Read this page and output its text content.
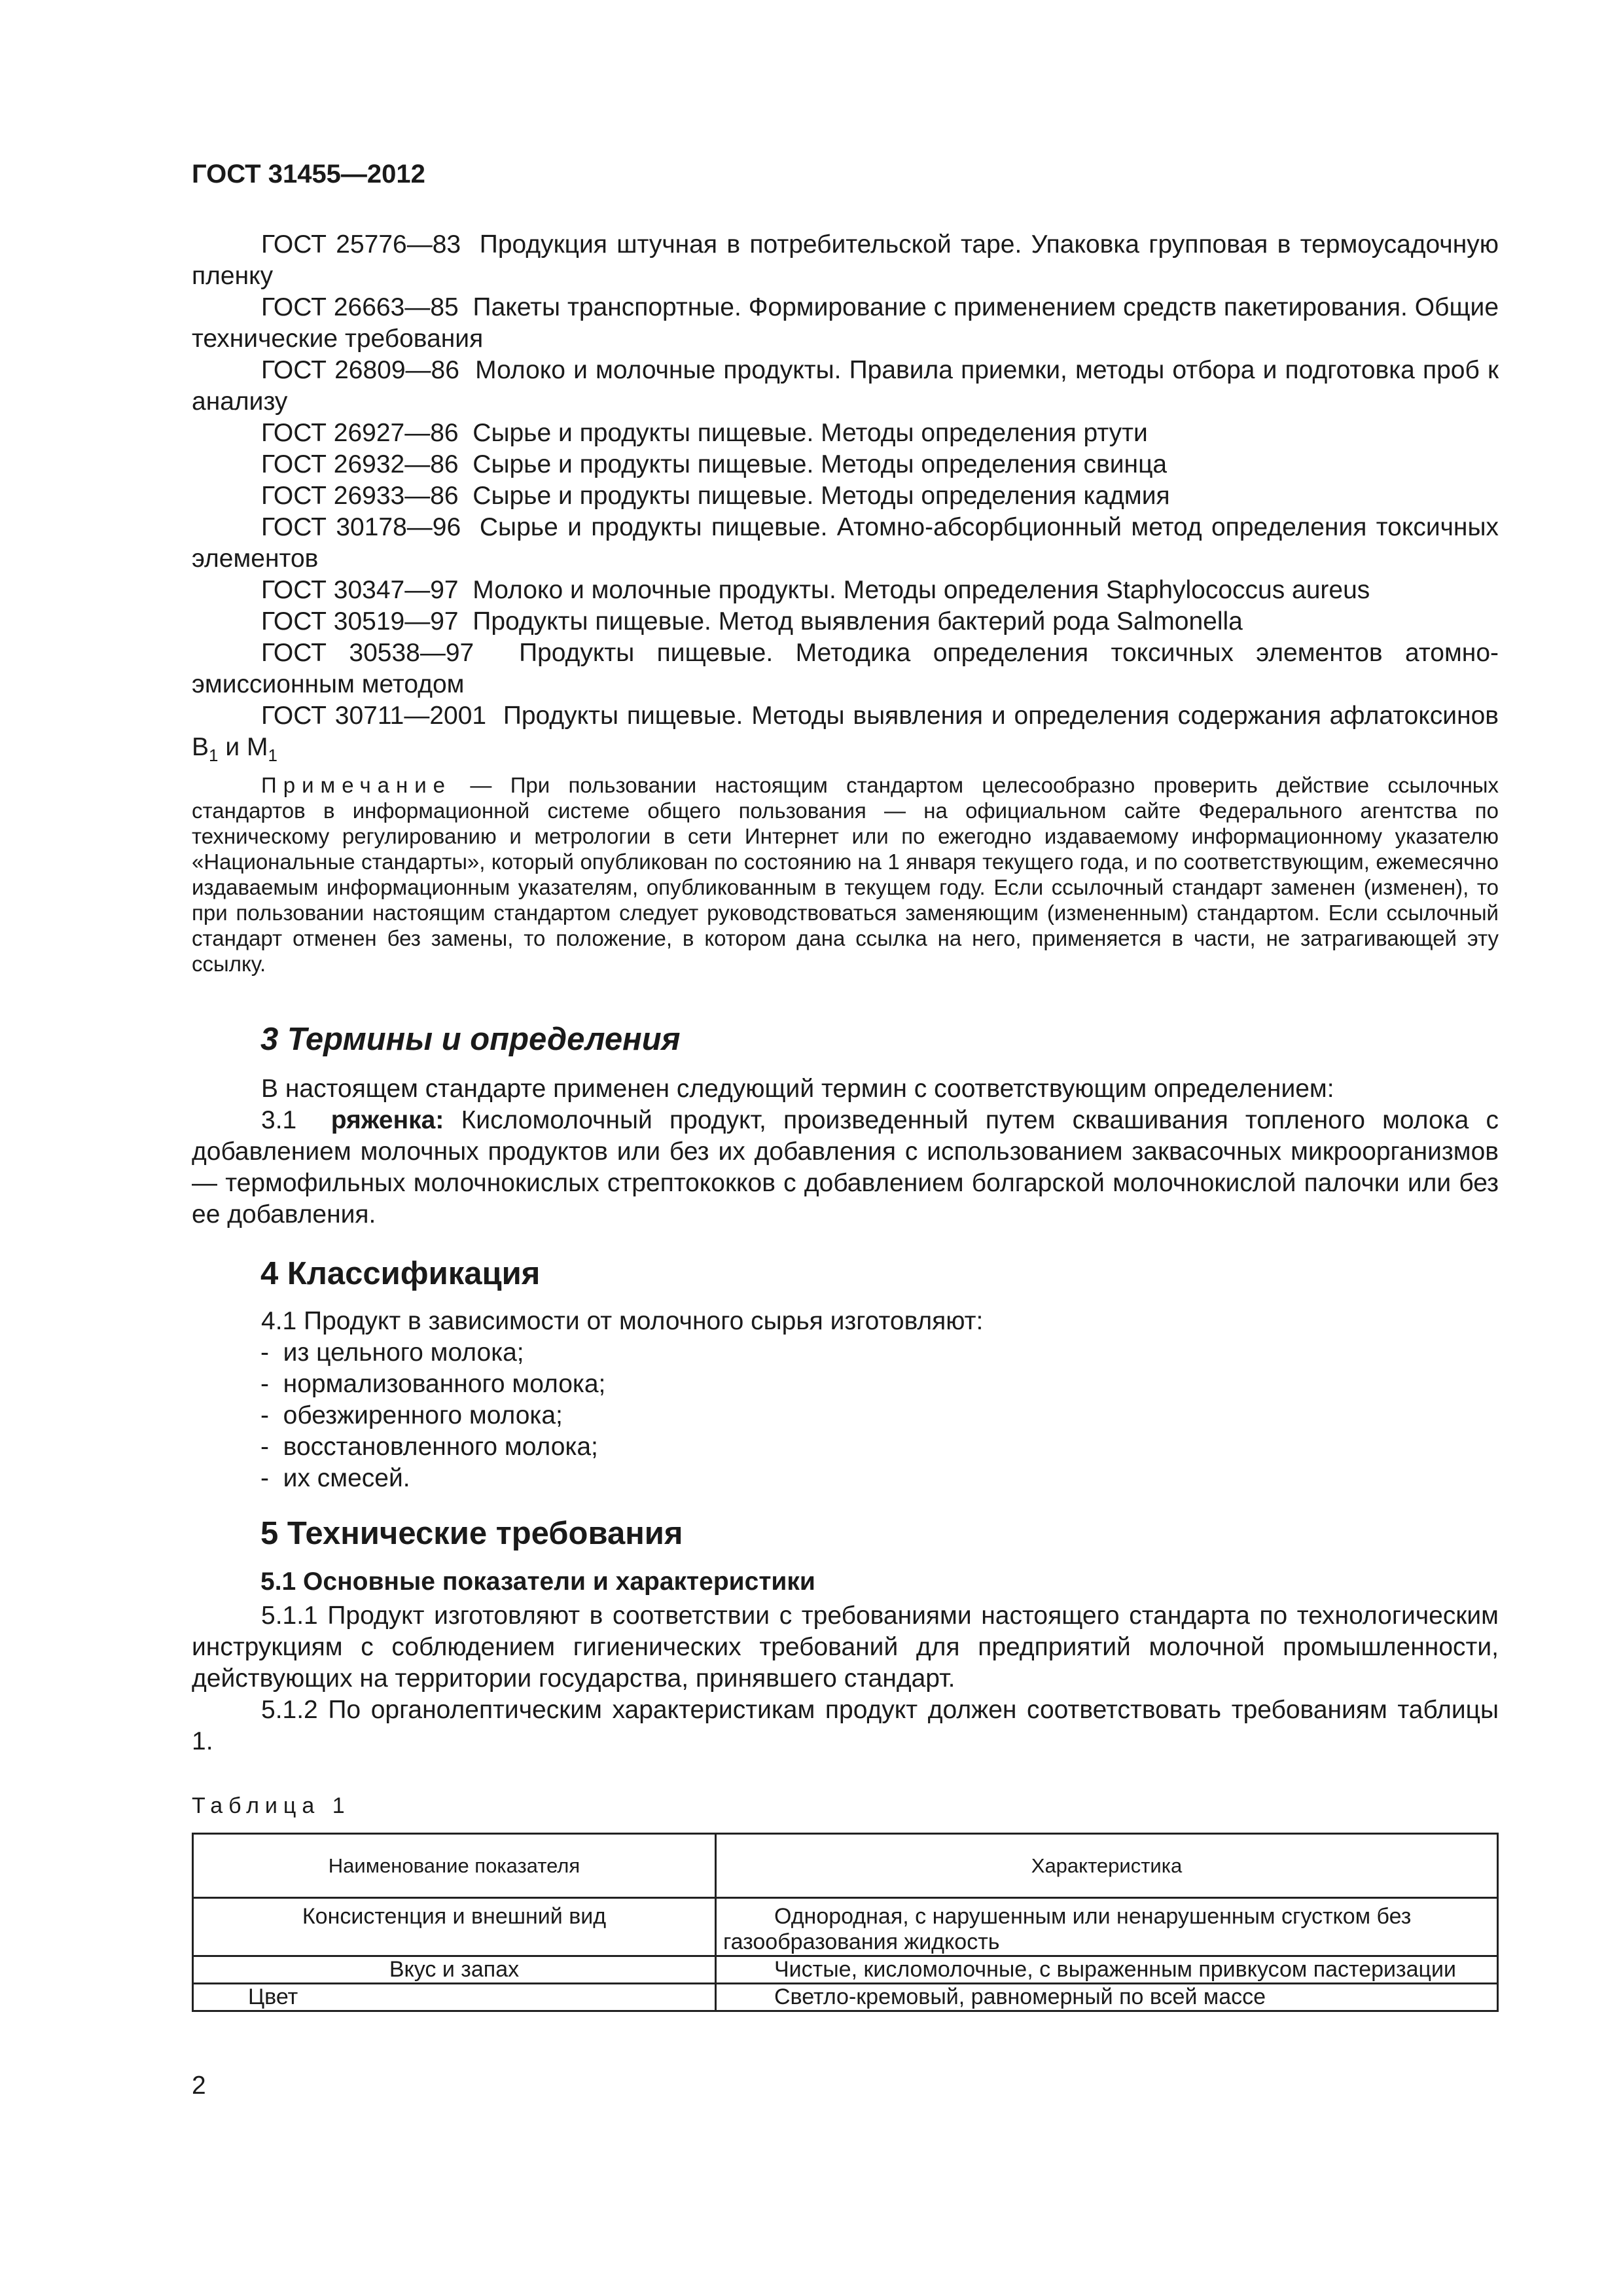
ГОСТ 31455—2012
ГОСТ 25776—83 Продукция штучная в потребительской таре. Упаковка групповая в термоусадочную пленку
ГОСТ 26663—85 Пакеты транспортные. Формирование с применением средств пакетирования. Общие технические требования
ГОСТ 26809—86 Молоко и молочные продукты. Правила приемки, методы отбора и подготовка проб к анализу
ГОСТ 26927—86 Сырье и продукты пищевые. Методы определения ртути
ГОСТ 26932—86 Сырье и продукты пищевые. Методы определения свинца
ГОСТ 26933—86 Сырье и продукты пищевые. Методы определения кадмия
ГОСТ 30178—96 Сырье и продукты пищевые. Атомно-абсорбционный метод определения токсичных элементов
ГОСТ 30347—97 Молоко и молочные продукты. Методы определения Staphylococcus aureus
ГОСТ 30519—97 Продукты пищевые. Метод выявления бактерий рода Salmonella
ГОСТ 30538—97 Продукты пищевые. Методика определения токсичных элементов атомно-эмиссионным методом
ГОСТ 30711—2001 Продукты пищевые. Методы выявления и определения содержания афлатоксинов $B_1$ и $M_1$
Примечание — При пользовании настоящим стандартом целесообразно проверить действие ссылочных стандартов в информационной системе общего пользования — на официальном сайте Федерального агентства по техническому регулированию и метрологии в сети Интернет или по ежегодно издаваемому информационному указателю «Национальные стандарты», который опубликован по состоянию на 1 января текущего года, и по соответствующим, ежемесячно издаваемым информационным указателям, опубликованным в текущем году. Если ссылочный стандарт заменен (изменен), то при пользовании настоящим стандартом следует руководствоваться заменяющим (измененным) стандартом. Если ссылочный стандарт отменен без замены, то положение, в котором дана ссылка на него, применяется в части, не затрагивающей эту ссылку.
3 Термины и определения
В настоящем стандарте применен следующий термин с соответствующим определением:
3.1 ряженка: Кисломолочный продукт, произведенный путем сквашивания топленого молока с добавлением молочных продуктов или без их добавления с использованием заквасочных микроорганизмов — термофильных молочнокислых стрептококков с добавлением болгарской молочнокислой палочки или без ее добавления.
4 Классификация
4.1 Продукт в зависимости от молочного сырья изготовляют:
-  из цельного молока;
-  нормализованного молока;
-  обезжиренного молока;
-  восстановленного молока;
-  их смесей.
5 Технические требования
5.1 Основные показатели и характеристики
5.1.1 Продукт изготовляют в соответствии с требованиями настоящего стандарта по технологическим инструкциям с соблюдением гигиенических требований для предприятий молочной промышленности, действующих на территории государства, принявшего стандарт.
5.1.2 По органолептическим характеристикам продукт должен соответствовать требованиям таблицы 1.
Таблица 1
Наименование показателя	Характеристика
Консистенция и внешний вид	Однородная, с нарушенным или ненарушенным сгустком без газообразования жидкость
Вкус и запах	Чистые, кисломолочные, с выраженным привкусом пастеризации
Цвет	Светло-кремовый, равномерный по всей массе
2
